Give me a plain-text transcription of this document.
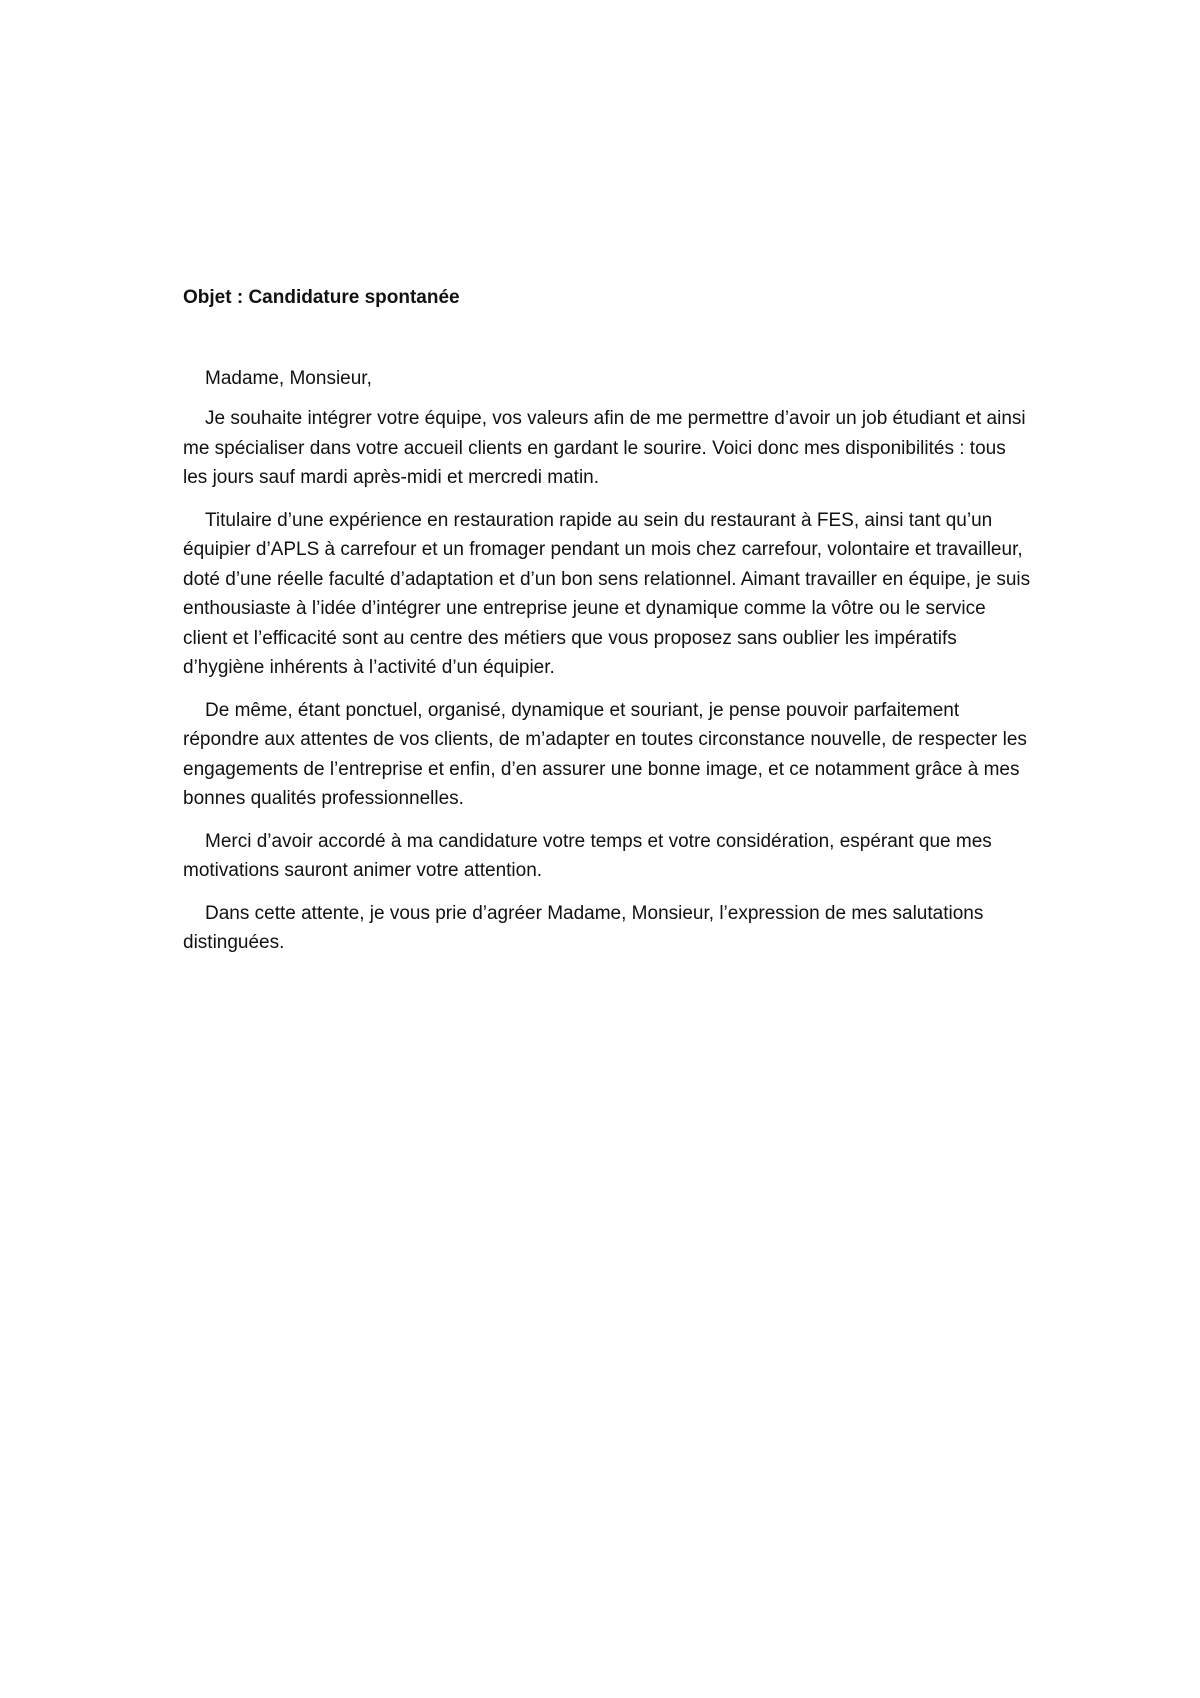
Objet : Candidature spontanée

Madame, Monsieur,

Je souhaite intégrer votre équipe, vos valeurs afin de me permettre d’avoir un job étudiant et ainsi me spécialiser dans votre accueil clients en gardant le sourire. Voici donc mes disponibilités : tous les jours sauf mardi après-midi et mercredi matin.

Titulaire d’une expérience en restauration rapide au sein du restaurant à FES, ainsi tant qu’un équipier d’APLS à carrefour et un fromager pendant un mois chez carrefour, volontaire et travailleur, doté d’une réelle faculté d’adaptation et d’un bon sens relationnel. Aimant travailler en équipe, je suis enthousiaste à l’idée d’intégrer une entreprise jeune et dynamique comme la vôtre ou le service client et l’efficacité sont au centre des métiers que vous proposez sans oublier les impératifs d’hygiène inhérents à l’activité d’un équipier.

De même, étant ponctuel, organisé, dynamique et souriant, je pense pouvoir parfaitement répondre aux attentes de vos clients, de m’adapter en toutes circonstance nouvelle, de respecter les engagements de l’entreprise et enfin, d’en assurer une bonne image, et ce notamment grâce à mes bonnes qualités professionnelles.

Merci d’avoir accordé à ma candidature votre temps et votre considération, espérant que mes motivations sauront animer votre attention.

Dans cette attente, je vous prie d’agréer Madame, Monsieur, l’expression de mes salutations distinguées.
